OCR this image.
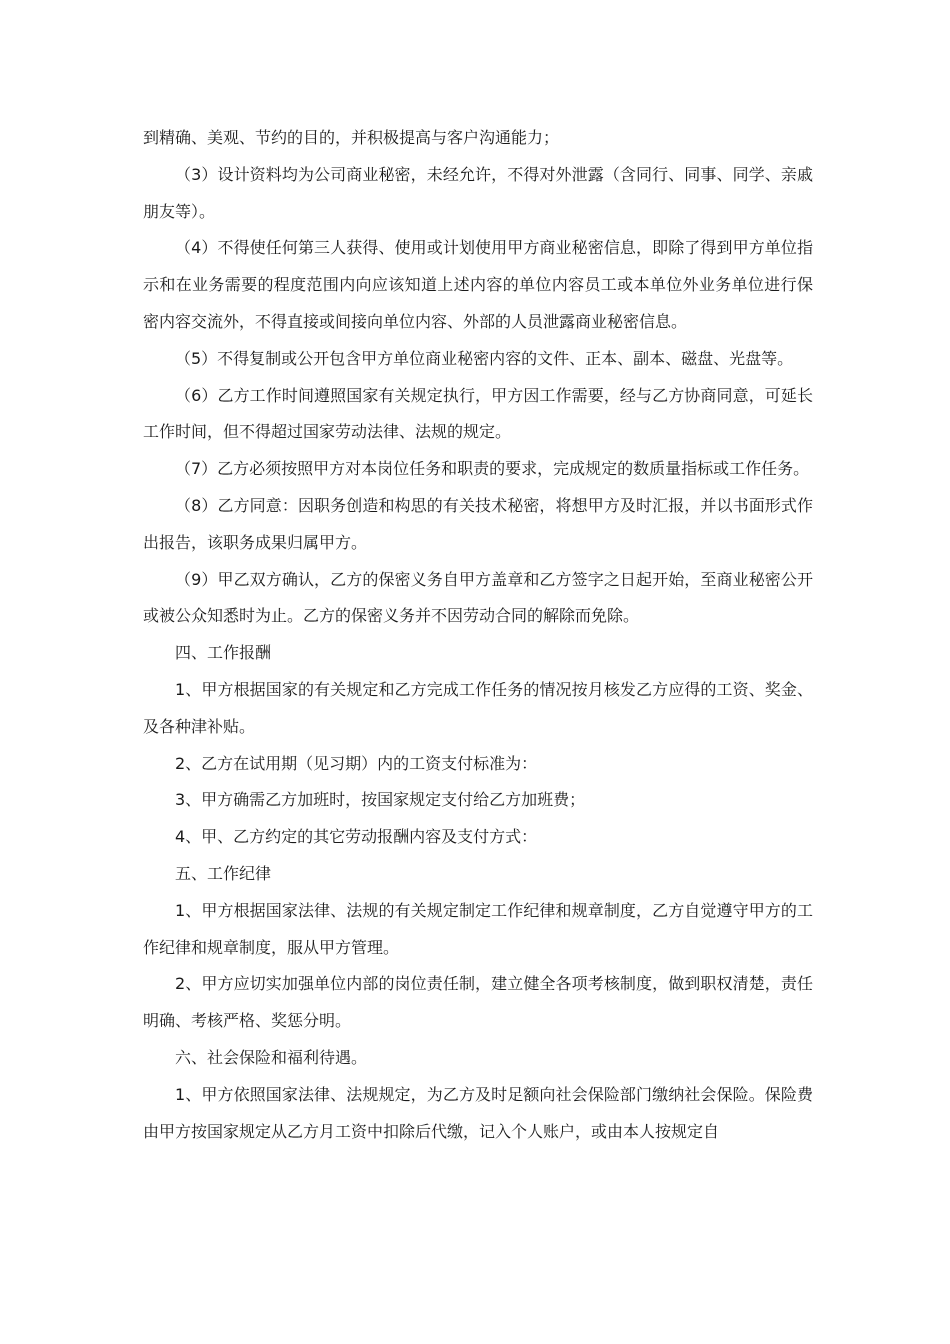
到精确、美观、节约的目的，并积极提高与客户沟通能力；

（3）设计资料均为公司商业秘密，未经允许，不得对外泄露（含同行、同事、同学、亲戚朋友等）。

（4）不得使任何第三人获得、使用或计划使用甲方商业秘密信息，即除了得到甲方单位指示和在业务需要的程度范围内向应该知道上述内容的单位内容员工或本单位外业务单位进行保密内容交流外，不得直接或间接向单位内容、外部的人员泄露商业秘密信息。

（5）不得复制或公开包含甲方单位商业秘密内容的文件、正本、副本、磁盘、光盘等。

（6）乙方工作时间遵照国家有关规定执行，甲方因工作需要，经与乙方协商同意，可延长工作时间，但不得超过国家劳动法律、法规的规定。

（7）乙方必须按照甲方对本岗位任务和职责的要求，完成规定的数质量指标或工作任务。

（8）乙方同意：因职务创造和构思的有关技术秘密，将想甲方及时汇报，并以书面形式作出报告，该职务成果归属甲方。

（9）甲乙双方确认，乙方的保密义务自甲方盖章和乙方签字之日起开始，至商业秘密公开或被公众知悉时为止。乙方的保密义务并不因劳动合同的解除而免除。

四、工作报酬

1、甲方根据国家的有关规定和乙方完成工作任务的情况按月核发乙方应得的工资、奖金、及各种津补贴。

2、乙方在试用期（见习期）内的工资支付标准为：

3、甲方确需乙方加班时，按国家规定支付给乙方加班费；

4、甲、乙方约定的其它劳动报酬内容及支付方式：

五、工作纪律

1、甲方根据国家法律、法规的有关规定制定工作纪律和规章制度，乙方自觉遵守甲方的工作纪律和规章制度，服从甲方管理。

2、甲方应切实加强单位内部的岗位责任制，建立健全各项考核制度，做到职权清楚，责任明确、考核严格、奖惩分明。

六、社会保险和福利待遇。

1、甲方依照国家法律、法规规定，为乙方及时足额向社会保险部门缴纳社会保险。保险费由甲方按国家规定从乙方月工资中扣除后代缴，记入个人账户，或由本人按规定自
